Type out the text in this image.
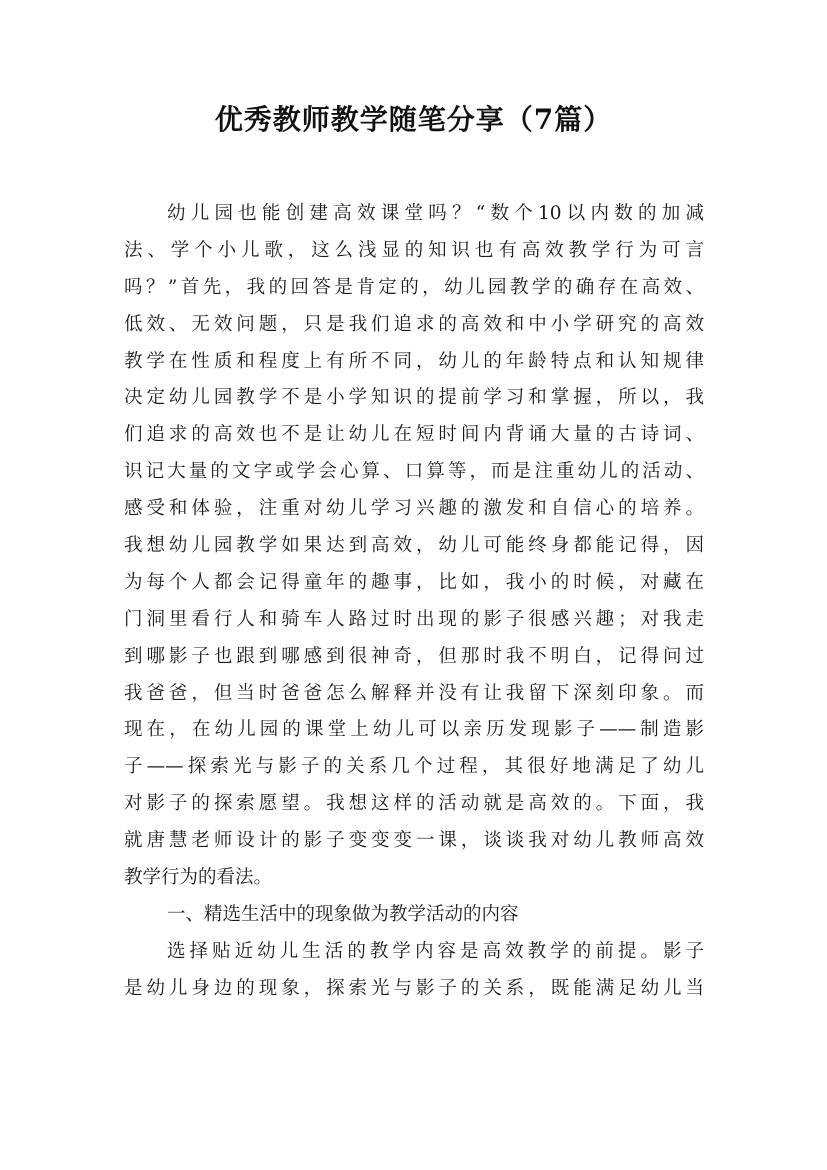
优秀教师教学随笔分享（7篇）
幼儿园也能创建高效课堂吗？“数个10以内数的加减
法、学个小儿歌，这么浅显的知识也有高效教学行为可言
吗？”首先，我的回答是肯定的，幼儿园教学的确存在高效、
低效、无效问题，只是我们追求的高效和中小学研究的高效
教学在性质和程度上有所不同，幼儿的年龄特点和认知规律
决定幼儿园教学不是小学知识的提前学习和掌握，所以，我
们追求的高效也不是让幼儿在短时间内背诵大量的古诗词、
识记大量的文字或学会心算、口算等，而是注重幼儿的活动、
感受和体验，注重对幼儿学习兴趣的激发和自信心的培养。
我想幼儿园教学如果达到高效，幼儿可能终身都能记得，因
为每个人都会记得童年的趣事，比如，我小的时候，对藏在
门洞里看行人和骑车人路过时出现的影子很感兴趣；对我走
到哪影子也跟到哪感到很神奇，但那时我不明白，记得问过
我爸爸，但当时爸爸怎么解释并没有让我留下深刻印象。而
现在，在幼儿园的课堂上幼儿可以亲历发现影子——制造影
子——探索光与影子的关系几个过程，其很好地满足了幼儿
对影子的探索愿望。我想这样的活动就是高效的。下面，我
就唐慧老师设计的影子变变变一课，谈谈我对幼儿教师高效
教学行为的看法。
一、精选生活中的现象做为教学活动的内容
选择贴近幼儿生活的教学内容是高效教学的前提。影子
是幼儿身边的现象，探索光与影子的关系，既能满足幼儿当
